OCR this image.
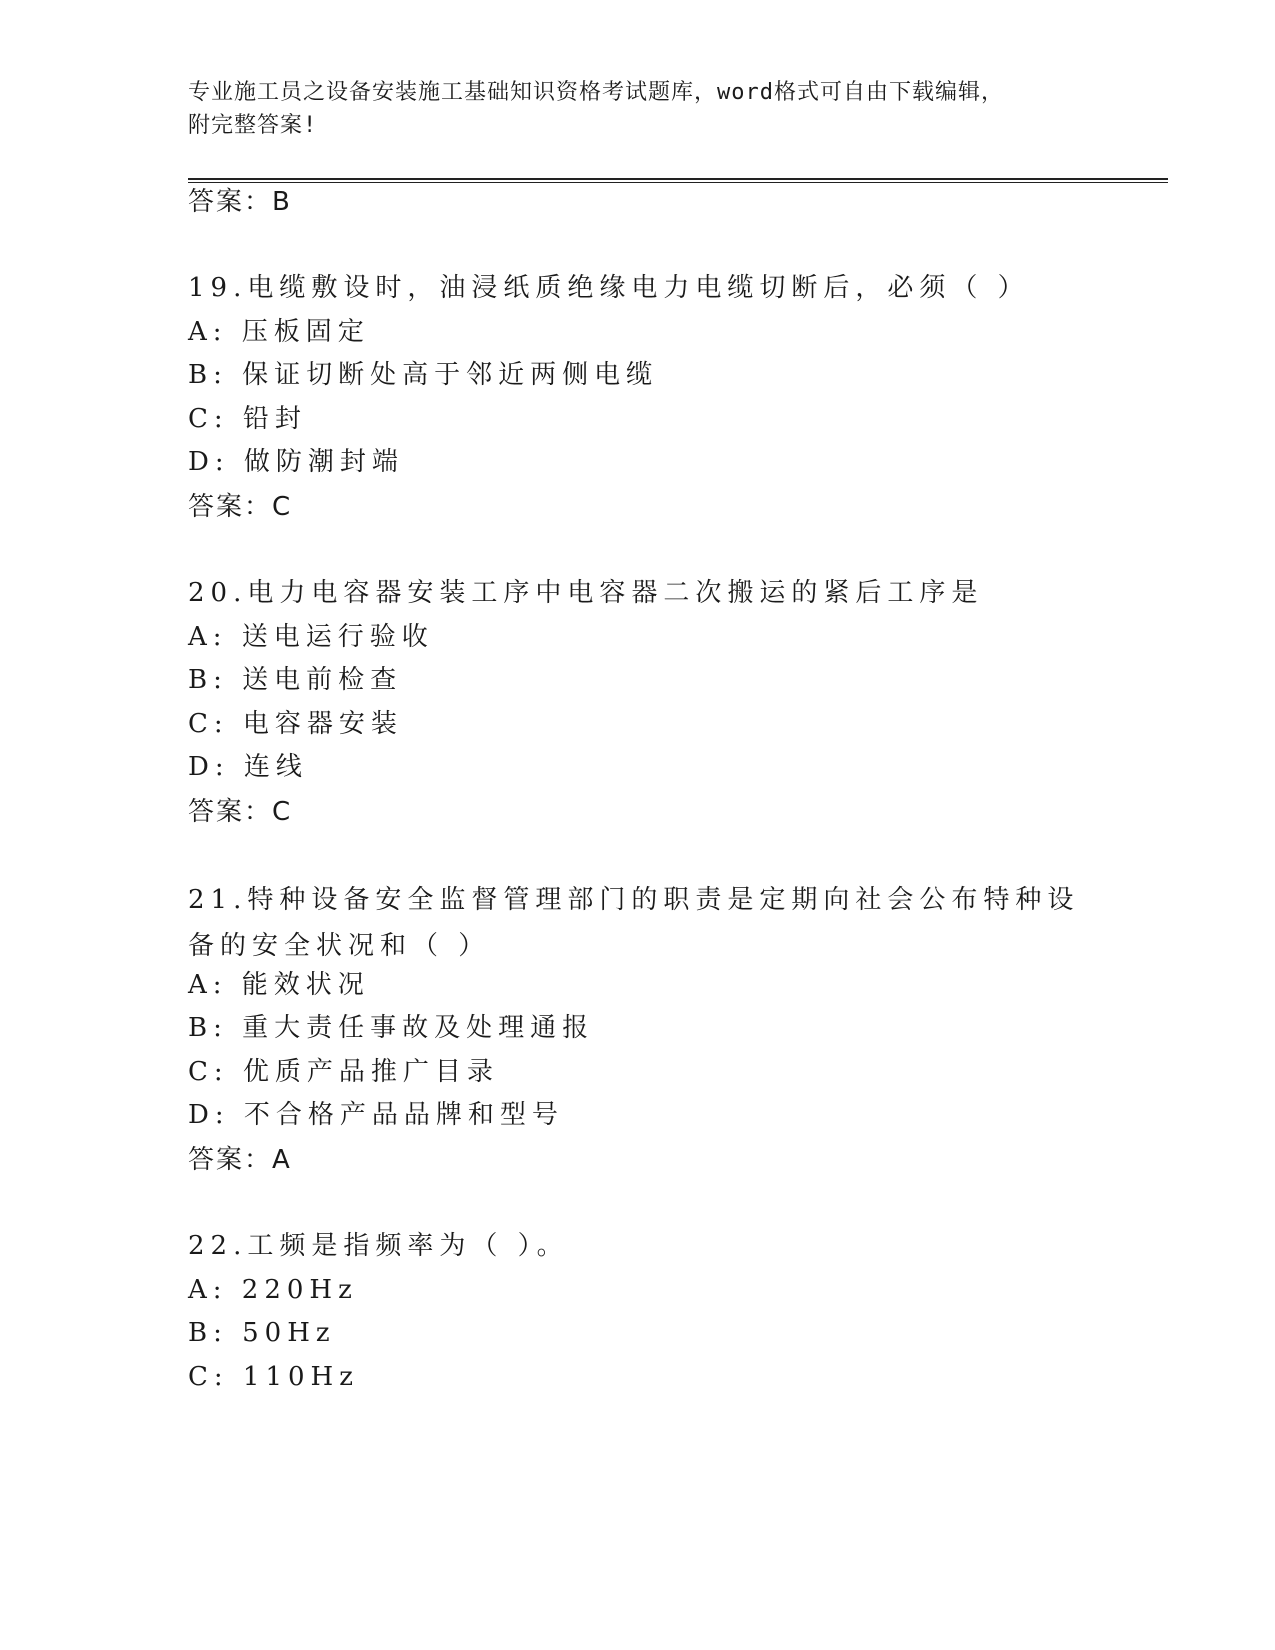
专业施工员之设备安装施工基础知识资格考试题库，word格式可自由下载编辑，
附完整答案!
答案：B
19.电缆敷设时，油浸纸质绝缘电力电缆切断后，必须（ ）
A: 压板固定
B: 保证切断处高于邻近两侧电缆
C: 铅封
D: 做防潮封端
答案：C
20.电力电容器安装工序中电容器二次搬运的紧后工序是
A: 送电运行验收
B: 送电前检查
C: 电容器安装
D: 连线
答案：C
21.特种设备安全监督管理部门的职责是定期向社会公布特种设备的安全状况和（ ）
A: 能效状况
B: 重大责任事故及处理通报
C: 优质产品推广目录
D: 不合格产品品牌和型号
答案：A
22.工频是指频率为（ ）。
A: 220Hz
B: 50Hz
C: 110Hz
